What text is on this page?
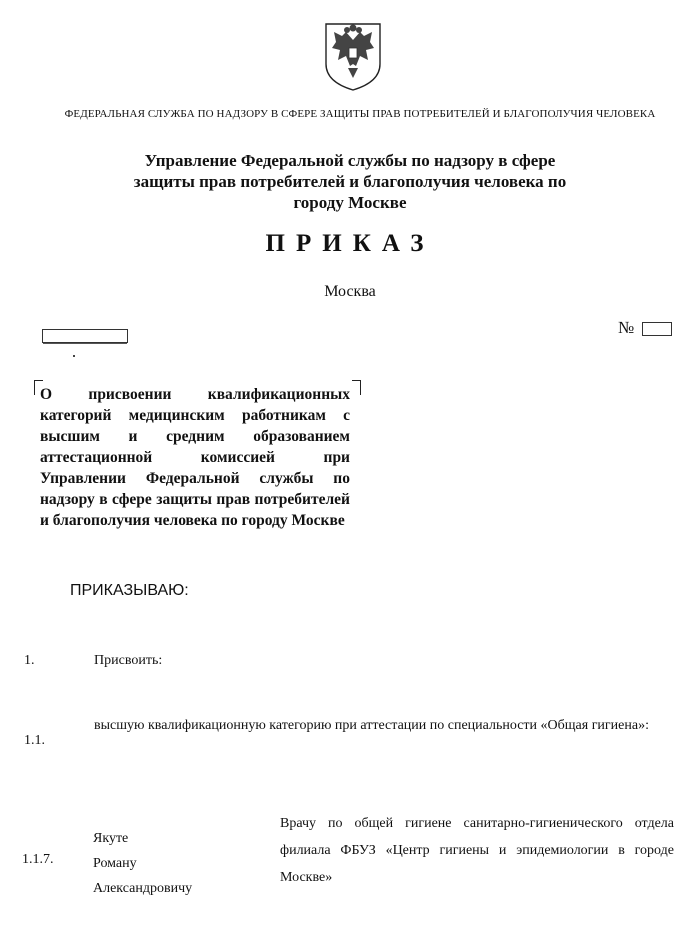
ФЕДЕРАЛЬНАЯ СЛУЖБА ПО НАДЗОРУ В СФЕРЕ ЗАЩИТЫ ПРАВ ПОТРЕБИТЕЛЕЙ И БЛАГОПОЛУЧИЯ ЧЕЛОВЕКА
Управление Федеральной службы по надзору в сфере защиты прав потребителей и благополучия человека по городу Москве
ПРИКАЗ
Москва
№
О присвоении квалификационных категорий медицинским работникам с высшим и средним образованием аттестационной комиссией при Управлении Федеральной службы по надзору в сфере защиты прав потребителей и благополучия человека по городу Москве
ПРИКАЗЫВАЮ:
1.	Присвоить:
1.1.
высшую квалификационную категорию при аттестации по специальности «Общая гигиена»:
1.1.7.
Якуте
Роману
Александровичу
Врачу по общей гигиене санитарно-гигиенического отдела филиала ФБУЗ «Центр гигиены и эпидемиологии в городе Москве»
